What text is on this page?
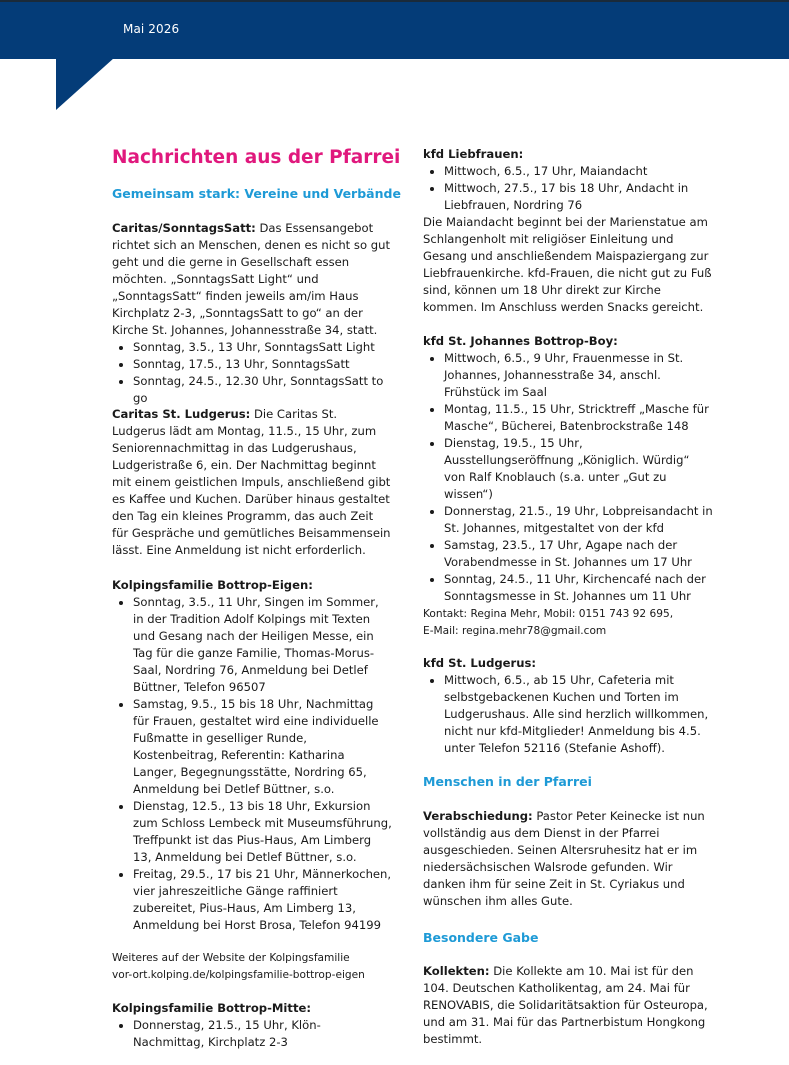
Mai 2026
Nachrichten aus der Pfarrei
Gemeinsam stark: Vereine und Verbände

Caritas/SonntagsSatt: Das Essensangebot richtet sich an Menschen, denen es nicht so gut geht und die gerne in Gesellschaft essen möchten. „SonntagsSatt Light“ und „SonntagsSatt“ finden jeweils am/im Haus Kirchplatz 2-3, „SonntagsSatt to go“ an der Kirche St. Johannes, Johannesstraße 34, statt.

• Sonntag, 3.5., 13 Uhr, SonntagsSatt Light
• Sonntag, 17.5., 13 Uhr, SonntagsSatt
• Sonntag, 24.5., 12.30 Uhr, SonntagsSatt to go

Caritas St. Ludgerus: Die Caritas St. Ludgerus lädt am Montag, 11.5., 15 Uhr, zum Seniorennachmittag in das Ludgerushaus, Ludgeristraße 6, ein. Der Nachmittag beginnt mit einem geistlichen Impuls, anschließend gibt es Kaffee und Kuchen. Darüber hinaus gestaltet den Tag ein kleines Programm, das auch Zeit für Gespräche und gemütliches Beisammensein lässt. Eine Anmeldung ist nicht erforderlich.

Kolpingsfamilie Bottrop-Eigen:

• Sonntag, 3.5., 11 Uhr, Singen im Sommer, in der Tradition Adolf Kolpings mit Texten und Gesang nach der Heiligen Messe, ein Tag für die ganze Familie, Thomas-Morus-Saal, Nordring 76, Anmeldung bei Detlef Büttner, Telefon 96507
• Samstag, 9.5., 15 bis 18 Uhr, Nachmittag für Frauen, gestaltet wird eine individuelle Fußmatte in geselliger Runde, Kostenbeitrag, Referentin: Katharina Langer, Begegnungsstätte, Nordring 65, Anmeldung bei Detlef Büttner, s.o.
• Dienstag, 12.5., 13 bis 18 Uhr, Exkursion zum Schloss Lembeck mit Museumsführung, Treffpunkt ist das Pius-Haus, Am Limberg 13, Anmeldung bei Detlef Büttner, s.o.
• Freitag, 29.5., 17 bis 21 Uhr, Männerkochen, vier jahreszeitliche Gänge raffiniert zubereitet, Pius-Haus, Am Limberg 13, Anmeldung bei Horst Brosa, Telefon 94199

Weiteres auf der Website der Kolpingsfamilie

vor-ort.kolping.de/kolpingsfamilie-bottrop-eigen

Kolpingsfamilie Bottrop-Mitte:

• Donnerstag, 21.5., 15 Uhr, Klön-Nachmittag, Kirchplatz 2-3

kfd Liebfrauen:

• Mittwoch, 6.5., 17 Uhr, Maiandacht
• Mittwoch, 27.5., 17 bis 18 Uhr, Andacht in Liebfrauen, Nordring 76

Die Maiandacht beginnt bei der Marienstatue am Schlangenholt mit religiöser Einleitung und Gesang und anschließendem Maispaziergang zur Liebfrauenkirche. kfd-Frauen, die nicht gut zu Fuß sind, können um 18 Uhr direkt zur Kirche kommen. Im Anschluss werden Snacks gereicht.

kfd St. Johannes Bottrop-Boy:

• Mittwoch, 6.5., 9 Uhr, Frauenmesse in St. Johannes, Johannesstraße 34, anschl. Frühstück im Saal
• Montag, 11.5., 15 Uhr, Stricktreff „Masche für Masche“, Bücherei, Batenbrockstraße 148
• Dienstag, 19.5., 15 Uhr, Ausstellungseröffnung „Königlich. Würdig“ von Ralf Knoblauch (s.a. unter „Gut zu wissen“)
• Donnerstag, 21.5., 19 Uhr, Lobpreisandacht in St. Johannes, mitgestaltet von der kfd
• Samstag, 23.5., 17 Uhr, Agape nach der Vorabendmesse in St. Johannes um 17 Uhr
• Sonntag, 24.5., 11 Uhr, Kirchencafé nach der Sonntagsmesse in St. Johannes um 11 Uhr

Kontakt: Regina Mehr, Mobil: 0151 743 92 695,

E-Mail: regina.mehr78@gmail.com

kfd St. Ludgerus:

• Mittwoch, 6.5., ab 15 Uhr, Cafeteria mit selbstgebackenen Kuchen und Torten im Ludgerushaus. Alle sind herzlich willkommen, nicht nur kfd-Mitglieder! Anmeldung bis 4.5. unter Telefon 52116 (Stefanie Ashoff).
Menschen in der Pfarrei

Verabschiedung: Pastor Peter Keinecke ist nun vollständig aus dem Dienst in der Pfarrei ausgeschieden. Seinen Altersruhesitz hat er im niedersächsischen Walsrode gefunden. Wir danken ihm für seine Zeit in St. Cyriakus und wünschen ihm alles Gute.

Besondere Gabe

Kollekten: Die Kollekte am 10. Mai ist für den 104. Deutschen Katholikentag, am 24. Mai für RENOVABIS, die Solidaritätsaktion für Osteuropa, und am 31. Mai für das Partnerbistum Hongkong bestimmt.
